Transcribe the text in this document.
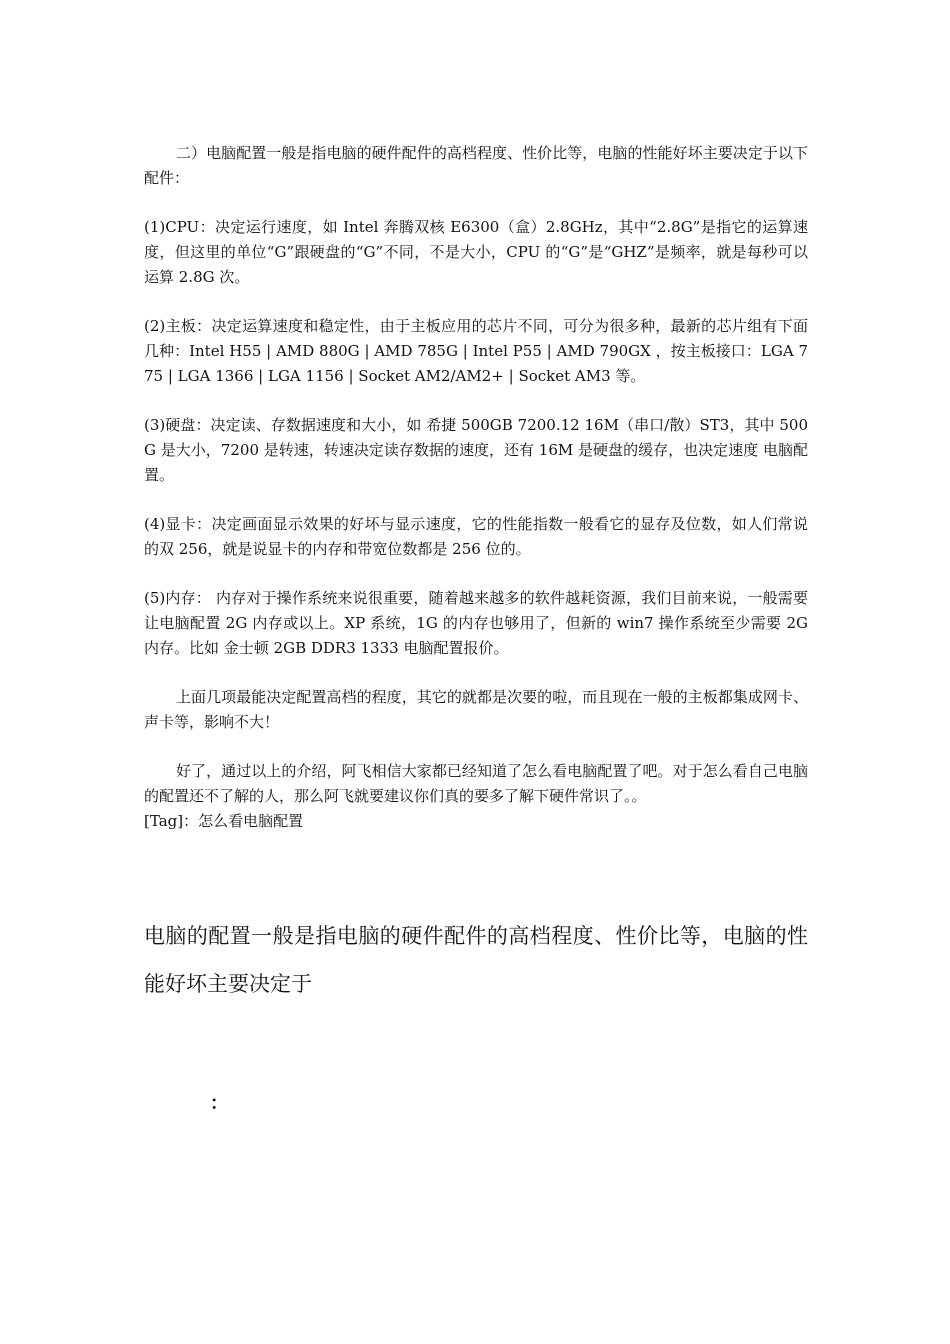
二）电脑配置一般是指电脑的硬件配件的高档程度、性价比等，电脑的性能好坏主要决定于以下配件：

(1)CPU：决定运行速度，如 Intel 奔腾双核 E6300（盒）2.8GHz，其中“2.8G”是指它的运算速度，但这里的单位“G”跟硬盘的“G”不同，不是大小，CPU 的“G”是“GHZ”是频率，就是每秒可以运算 2.8G 次。

(2)主板：决定运算速度和稳定性，由于主板应用的芯片不同，可分为很多种，最新的芯片组有下面几种：Intel H55 | AMD 880G | AMD 785G | Intel P55 | AMD 790GX ，按主板接口：LGA 775 | LGA 1366 | LGA 1156 | Socket AM2/AM2+ | Socket AM3 等。

(3)硬盘：决定读、存数据速度和大小，如 希捷 500GB 7200.12 16M（串口/散）ST3，其中 500G 是大小，7200 是转速，转速决定读存数据的速度，还有 16M 是硬盘的缓存，也决定速度 电脑配置。

(4)显卡：决定画面显示效果的好坏与显示速度，它的性能指数一般看它的显存及位数，如人们常说的双 256，就是说显卡的内存和带宽位数都是 256 位的。

(5)内存： 内存对于操作系统来说很重要，随着越来越多的软件越耗资源，我们目前来说，一般需要让电脑配置 2G 内存或以上。XP 系统，1G 的内存也够用了，但新的 win7 操作系统至少需要 2G 内存。比如 金士顿 2GB DDR3 1333 电脑配置报价。

上面几项最能决定配置高档的程度，其它的就都是次要的啦，而且现在一般的主板都集成网卡、声卡等，影响不大！

好了，通过以上的介绍，阿飞相信大家都已经知道了怎么看电脑配置了吧。对于怎么看自己电脑的配置还不了解的人，那么阿飞就要建议你们真的要多了解下硬件常识了。。

[Tag]：怎么看电脑配置

电脑的配置一般是指电脑的硬件配件的高档程度、性价比等，电脑的性能好坏主要决定于
：
